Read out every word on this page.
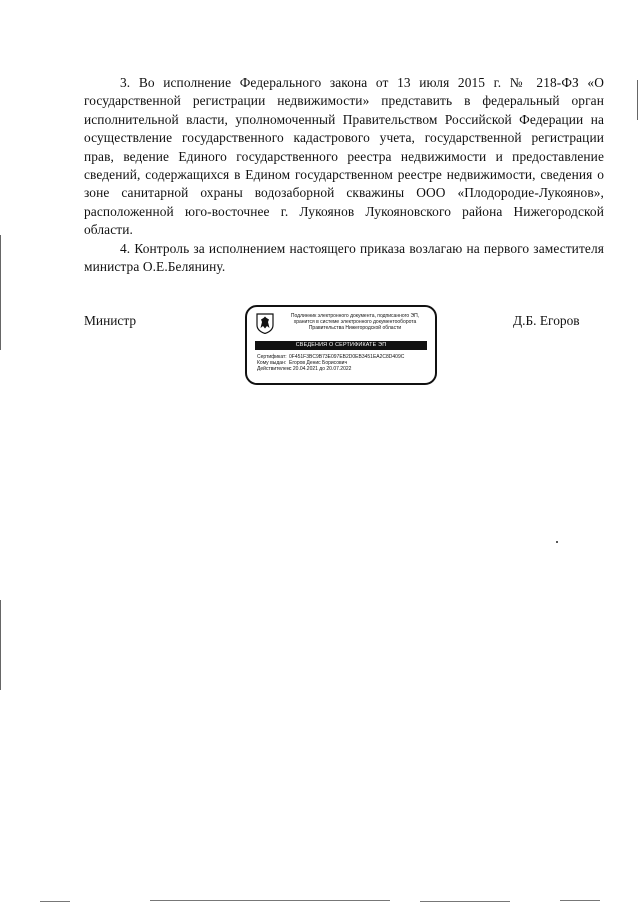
3. Во исполнение Федерального закона от 13 июля 2015 г. № 218-ФЗ «О государственной регистрации недвижимости» представить в федеральный орган исполнительной власти, уполномоченный Правительством Российской Федерации на осуществление государственного кадастрового учета, государственной регистрации прав, ведение Единого государственного реестра недвижимости и предоставление сведений, содержащихся в Едином государственном реестре недвижимости, сведения о зоне санитарной охраны водозаборной скважины ООО «Плодородие-Лукоянов», расположенной юго-восточнее г. Лукоянов Лукояновского района Нижегородской области.

4. Контроль за исполнением настоящего приказа возлагаю на первого заместителя министра О.Е.Белянину.

Министр	Подлинник электронного документа, подписанного ЭП,
хранится в системе электронного документооборота
Правительства Нижегородской области
СВЕДЕНИЯ О СЕРТИФИКАТЕ ЭП
Сертификат: 0F451F3BC9B73E097EB2D0EB3451EA2C8D409C
Кому выдан: Егоров Денис Борисович
Действителен:
с 20.04.2021 до 20.07.2022
Д.Б. Егоров
